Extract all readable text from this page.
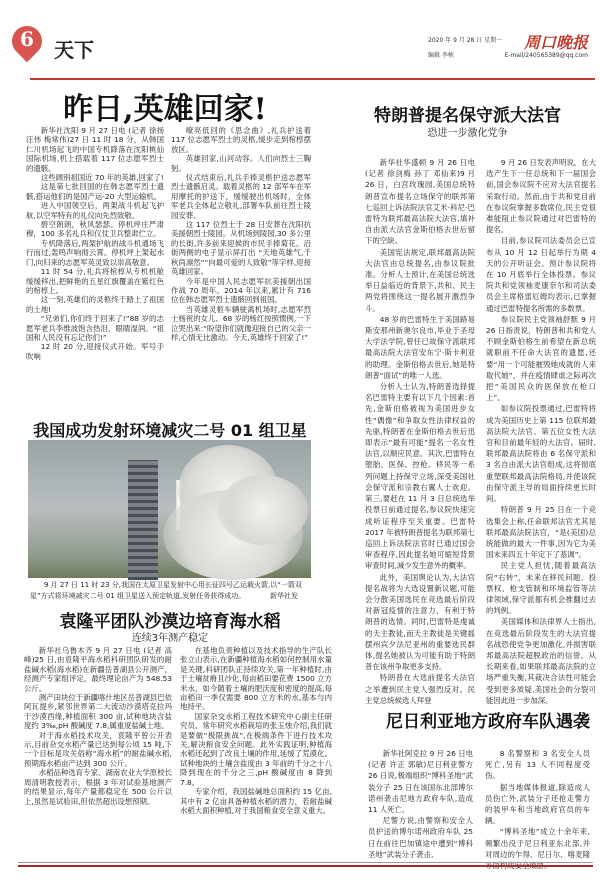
6	天下	2020 年 9 月 28 日 星期一
编辑 李桢
周口晚报
E-mail/240565389@qq.com
昨日,英雄回家!

新华社沈阳 9 月 27 日电 (记者 徐扬 汪伟 梅常伟)27 日 11 时 18 分，从韩国仁川机场起飞的中国专机降落在沈阳桃仙国际机场,机上搭载着 117 位志愿军烈士的遗骸。

这些阔别祖国近 70 年的英雄,回家了!

这是第七批回国的在韩志愿军烈士遗骸,搭运他们的是国产运-20 大型运输机。

进入中国领空后，两架战斗机起飞护航,以空军特有的礼仪向先烈致敬。

碧空朗朗，秋风瑟瑟。停机坪庄严肃穆，100 多名礼兵和仪仗卫兵整肃伫立。

专机降落后,两架护航的战斗机通场飞行而过,轰鸣声响彻云霄。停机坪上架起水门,向归来的志愿军英灵致以崇高敬意。

11 时 54 分,礼兵将棺椁从专机机舱缓缓移出,把鲜艳的五星红旗覆盖在紫红色的棺椁上。

这一刻,英雄们的灵柩终于踏上了祖国的土地!

“兄弟们,你们终于回来了!”88 岁的志愿军老兵李维波饱含热泪，眼睛湿润。“祖国和人民没有忘记你们!”

12 时 20 分,迎接仪式开始。军号手吹响

嘹亮低回的《思念曲》,礼兵护送着 117 位志愿军烈士的灵柩,缓步走到棺椁摆放区。

英雄回家,山河动容。人们向烈士三鞠躬。

仪式结束后,礼兵手捧灵柩护送志愿军烈士遗骸启灵。载着灵柩的 12 部军车在军用摩托的护送下，缓缓驶出机场时，全体军老兵全体起立敬礼,部署车队前往烈士陵园安葬。

这 117 位烈士于 28 日安葬在沈阳抗美援朝烈士陵园。从机场到陵园,30 多公里的长街,许多前来迎候的市民手捧菊花。沿街两侧的电子显示屏打出 “天地英雄气,千秋尚凛然”“向最可爱的人致敬”等字样,迎接英雄回家。

今年是中国人民志愿军抗美援朝出国作战 70 周年。2014 年以来,累计有 716 位在韩志愿军烈士遗骸回到祖国。

当英雄灵柩车辆驶离机场时,志愿军烈士杨祝的女儿、68 岁的杨红按照惯例,一下泣哭出来:“盼望你们就像迎接自己的父亲一样,心情无比激动。今天,英雄终于回家了!”

我国成功发射环境减灾二号 01 组卫星
9 月 27 日 11 时 23 分,我国在太原卫星发射中心用长征四号乙运载火箭,以“一箭双星”方式将环境减灾二号 01 组卫星送入预定轨道,发射任务获得成功。	新华社发
袁隆平团队沙漠边培育海水稻
连续3年测产稳定

新华社乌鲁木齐 9 月 27 日电 (记者 高峰)25 日,由袁隆平海水稻科研团队研发的耐盐碱水稻(海水稻)在新疆岳普湖县公开测产，经测产专家组评定，最终理论亩产为 548.53 公斤。

测产田块位于新疆喀什地区岳普湖县巴依阿瓦提乡,紧邻世界第二大流动沙漠塔克拉玛干沙漠西缘,种植面积 300 亩,试种地块含盐度约 3‰,pH 酸碱度 7.8,属重度盐碱土地。

对于海水稻技术攻关，袁隆平曾公开表示,目前杂交水稻产量已达到每公顷 15 吨,下一个目标是攻关俗称“海水稻”的耐盐碱水稻,预期海水稻亩产达到 300 公斤。

水稻品种选育专家、湖南农业大学原校长周清明教授表示，根据 3 年对试验基地测产的结果显示,每年产量都稳定在 500 公斤以上,虽然是试验田,但依然超出设想预期。

在基地负责种植以及技术指导的生产队长张立山表示,在新疆种植海水稻如何控制用水量是关键,科研团队正持续攻关,第一年种植时,由于土壤贫瘠且沙化,每亩稻田要花费 1500 立方米水，如今随着土壤的肥沃度和密度的提高,每亩稻田一季仅需要 800 立方米的水,基本与内地持平。

国家杂交水稻工程技术研究中心副主任研究员、常年研究水稻栽培的张玉烛介绍,我们就是要做“极限挑战”,在极端条件下进行技术攻关,解决粮食安全问题。此外实践证明,种植海水稻还起到了改良土壤的作用,延缓了荒漠化。试种地块的土壤含盐度由 3 年前的千分之十八降到现在的千分之三,pH 酸碱度由 8 降到 7.8。

专家介绍，我国盐碱地总面积约 15 亿亩,其中有 2 亿亩具备种植水稻的潜力，若耐盐碱水稻大面积种植,对于我国粮食安全意义重大。

特朗普提名保守派大法官
恐进一步激化党争

新华社华盛顿 9 月 26 日电 (记者 徐剑梅 孙丁 邓仙来)9 月 26 日，白宫玫瑰园,美国总统特朗普宣布提名立场保守的联邦第七巡回上诉法院法官艾米·科尼·巴雷特为联邦最高法院大法官,填补自由派大法官金斯伯格去世后留下的空缺。

美国宪法规定,联邦最高法院大法官由总统提名,由参议院批准。分析人士预计,在美国总统选举日益临近的背景下,共和、民主两党将围绕这一提名展开激烈争斗。

48 岁的巴雷特生于美国路易斯安那州新奥尔良市,毕业于圣母大学法学院,曾任已故保守派联邦最高法院大法官安东宁·斯卡利亚的助理。金斯伯格去世后,她是特朗普“面试”的唯一人选。

分析人士认为,特朗普选择提名巴雷特主要有以下几个因素:首先,金斯伯格被视为美国进步女性“偶像”和争取女性法律权益的先驱,特朗普在金斯伯格去世后迅即表示“最有可能”提名一名女性法官,以顺应民意。其次,巴雷特在堕胎、医保、控枪、移民等一系列问题上持保守立场,深受美国社会保守派和宗教右翼人士欢迎。第三,要赶在 11 月 3 日总统选举投票日前通过提名,参议院快速完成听证程序至关重要。巴雷特 2017 年被特朗普提名为联邦第七巡回上诉法院法官时已通过国会审查程序,因此提名她可缩短背景审查时间,减少发生意外的概率。

此外，美国舆论认为,大法官提名战将为大选设置新议题,可能会分散美国选民在竞选最后阶段对新冠疫情的注意力，有利于特朗普的选情。同时,巴雷特是虔诚的天主教徒,而天主教徒是关键摇摆州宾夕法尼亚州的重要选民群体,提名她被认为可能有助于特朗普在该州争取更多支持。

特朗普在大选前提名大法官之举遭到民主党人强烈反对。民主党总统候选人拜登

9 月 26 日发表声明说，在大选产生下一任总统和下一届国会前,国会参议院不应对大法官提名采取行动。然而,由于共和党目前在参议院掌握多数席位,民主党很难能阻止参议院通过对巴雷特的提名。

目前,参议院司法委员会已宣布从 10 月 12 日起举行为期 4 天的公开听证会。预计参议院将在 10 月底举行全体投票。参议院共和党领袖麦康奈尔和司法委员会主席格雷厄姆均表示,已掌握通过巴雷特提名所需的多数票。

参议院民主党领袖舒默 9 月 26 日指责说，特朗普和共和党人不顾金斯伯格生前希望在新总统就职前不任命大法官的遗愿,还要“用一个可能摧毁她成就的人来取代她”，并在疫情肆虐之际再次把“美国民众的医保放在枪口上”。

如参议院投票通过,巴雷特将成为美国历史上第 115 位联邦最高法院大法官、第五位女性大法官和目前最年轻的大法官。届时,联邦最高法院将由 6 名保守派和 3 名自由派大法官组成,这将彻底重塑联邦最高法院格局,并使该院由保守派主导的局面持续更长时间。

特朗普 9 月 25 日在一个竞选集会上称,任命联邦法官尤其是联邦最高法院法官，“是(美国)总统能做的最大一件事,因为它为美国未来四五十年定下了基调”。

民主党人担忧,随着最高法院“右转”，未来在移民问题、投票权、枪支管制和环境监管等法律领域,保守派都有机会推翻过去的判例。

美国媒体和法律界人士指出,在竞选最后阶段发生的大法官提名战恐使党争更加激化,并损害联邦最高法院超脱政治的信誉。从长期来看,如果联邦最高法院的立场严重失衡,其裁决合法性可能会受到更多质疑,美国社会的分裂可能因此进一步加深。

尼日利亚地方政府车队遇袭

新华社阿克拉 9 月 26 日电(记者 许正 郭敏)尼日利亚警方 26 日说,极端组织“博科圣地”武装分子 25 日在该国东北部博尔诺州袭击尼地方政府车队,造成 11 人死亡。

尼警方说,由警察和安全人员护送的博尔诺州政府车队 25 日在前往巴加镇途中遭到“博科圣地”武装分子袭击,

8 名警察和 3 名安全人员死亡,另有 13 人不同程度受伤。

据当地媒体报道,除造成人员伤亡外,武装分子还抢走警方的装甲车和当地政府官员的车辆。

“博科圣地”成立十余年来,频繁出没于尼日利亚东北部,并对周边的乍得、尼日尔、喀麦隆等国构成安全威胁。
